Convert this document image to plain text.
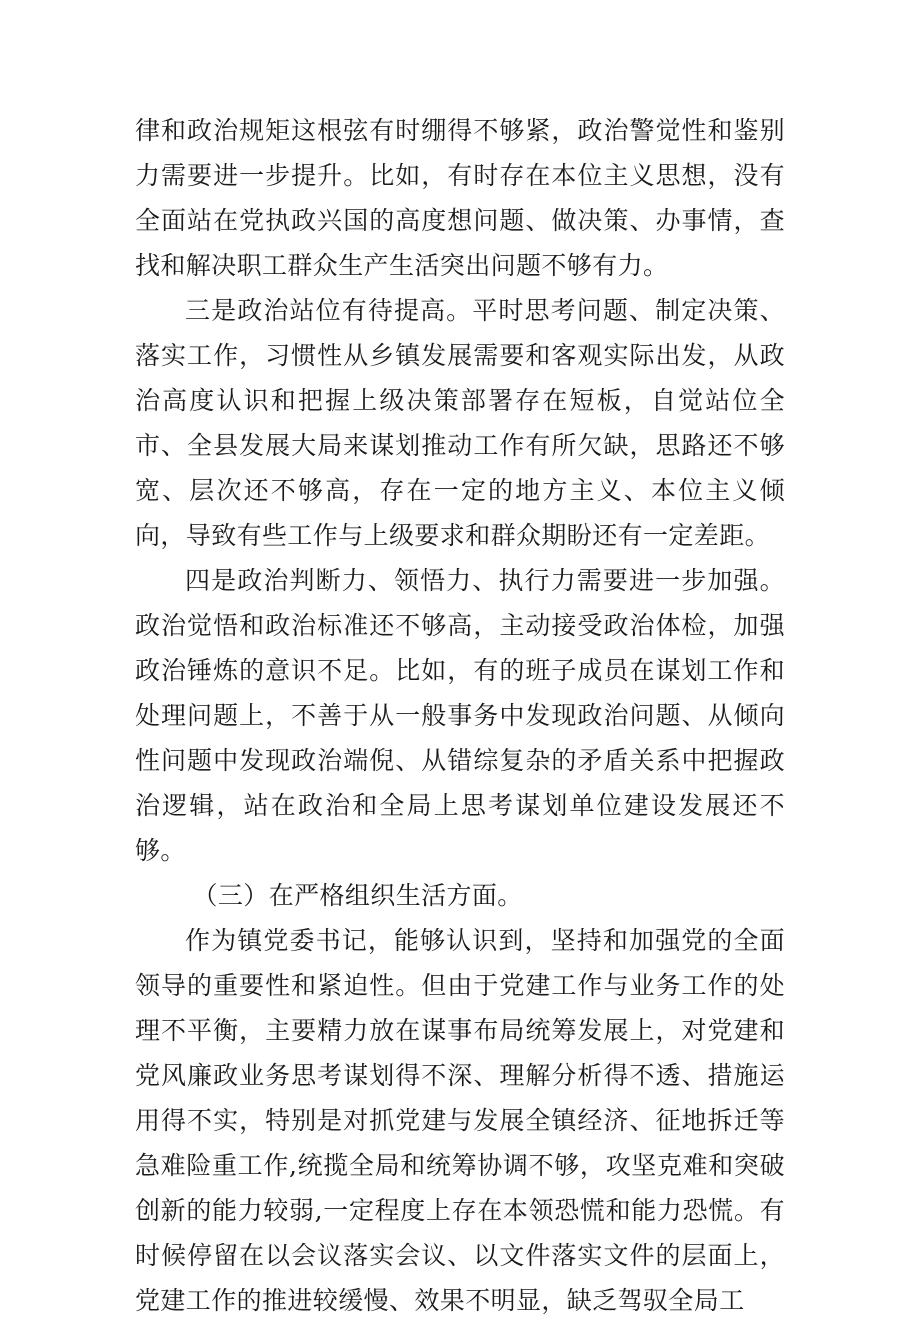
律和政治规矩这根弦有时绷得不够紧，政治警觉性和鉴别力需要进一步提升。比如，有时存在本位主义思想，没有全面站在党执政兴国的高度想问题、做决策、办事情，查找和解决职工群众生产生活突出问题不够有力。

三是政治站位有待提高。平时思考问题、制定决策、落实工作，习惯性从乡镇发展需要和客观实际出发，从政治高度认识和把握上级决策部署存在短板，自觉站位全市、全县发展大局来谋划推动工作有所欠缺，思路还不够宽、层次还不够高，存在一定的地方主义、本位主义倾向，导致有些工作与上级要求和群众期盼还有一定差距。

四是政治判断力、领悟力、执行力需要进一步加强。政治觉悟和政治标准还不够高，主动接受政治体检，加强政治锤炼的意识不足。比如，有的班子成员在谋划工作和处理问题上，不善于从一般事务中发现政治问题、从倾向性问题中发现政治端倪、从错综复杂的矛盾关系中把握政治逻辑，站在政治和全局上思考谋划单位建设发展还不够。

（三）在严格组织生活方面。

作为镇党委书记，能够认识到，坚持和加强党的全面领导的重要性和紧迫性。但由于党建工作与业务工作的处理不平衡，主要精力放在谋事布局统筹发展上，对党建和党风廉政业务思考谋划得不深、理解分析得不透、措施运用得不实，特别是对抓党建与发展全镇经济、征地拆迁等急难险重工作,统揽全局和统筹协调不够，攻坚克难和突破创新的能力较弱,一定程度上存在本领恐慌和能力恐慌。有时候停留在以会议落实会议、以文件落实文件的层面上，党建工作的推进较缓慢、效果不明显，缺乏驾驭全局工
